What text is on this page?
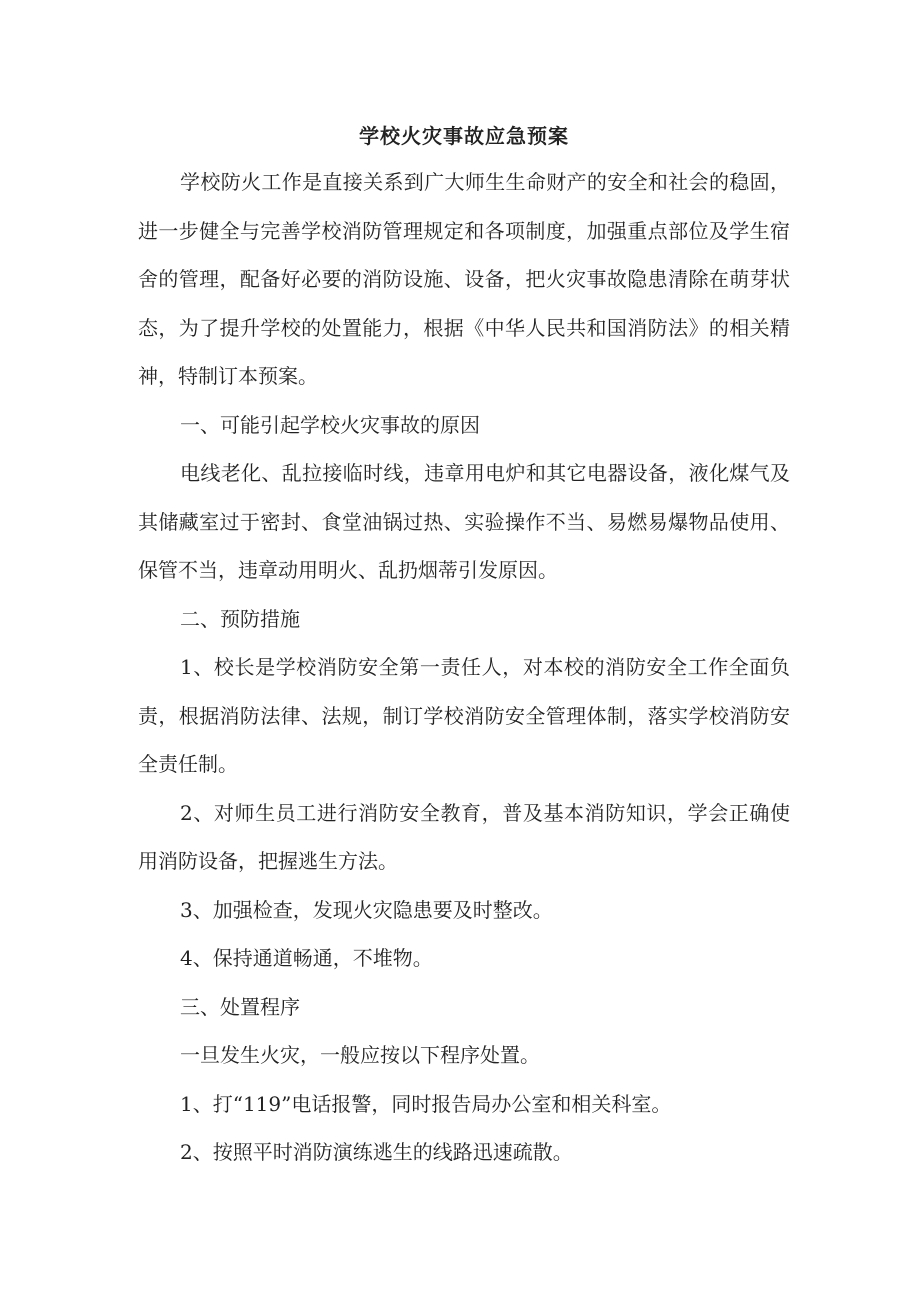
学校火灾事故应急预案

学校防火工作是直接关系到广大师生生命财产的安全和社会的稳固，进一步健全与完善学校消防管理规定和各项制度，加强重点部位及学生宿舍的管理，配备好必要的消防设施、设备，把火灾事故隐患清除在萌芽状态，为了提升学校的处置能力，根据《中华人民共和国消防法》的相关精神，特制订本预案。

一、可能引起学校火灾事故的原因

电线老化、乱拉接临时线，违章用电炉和其它电器设备，液化煤气及其储藏室过于密封、食堂油锅过热、实验操作不当、易燃易爆物品使用、保管不当，违章动用明火、乱扔烟蒂引发原因。

二、预防措施

1、校长是学校消防安全第一责任人，对本校的消防安全工作全面负责，根据消防法律、法规，制订学校消防安全管理体制，落实学校消防安全责任制。

2、对师生员工进行消防安全教育，普及基本消防知识，学会正确使用消防设备，把握逃生方法。

3、加强检查，发现火灾隐患要及时整改。

4、保持通道畅通，不堆物。

三、处置程序

一旦发生火灾，一般应按以下程序处置。

1、打“119”电话报警，同时报告局办公室和相关科室。

2、按照平时消防演练逃生的线路迅速疏散。
